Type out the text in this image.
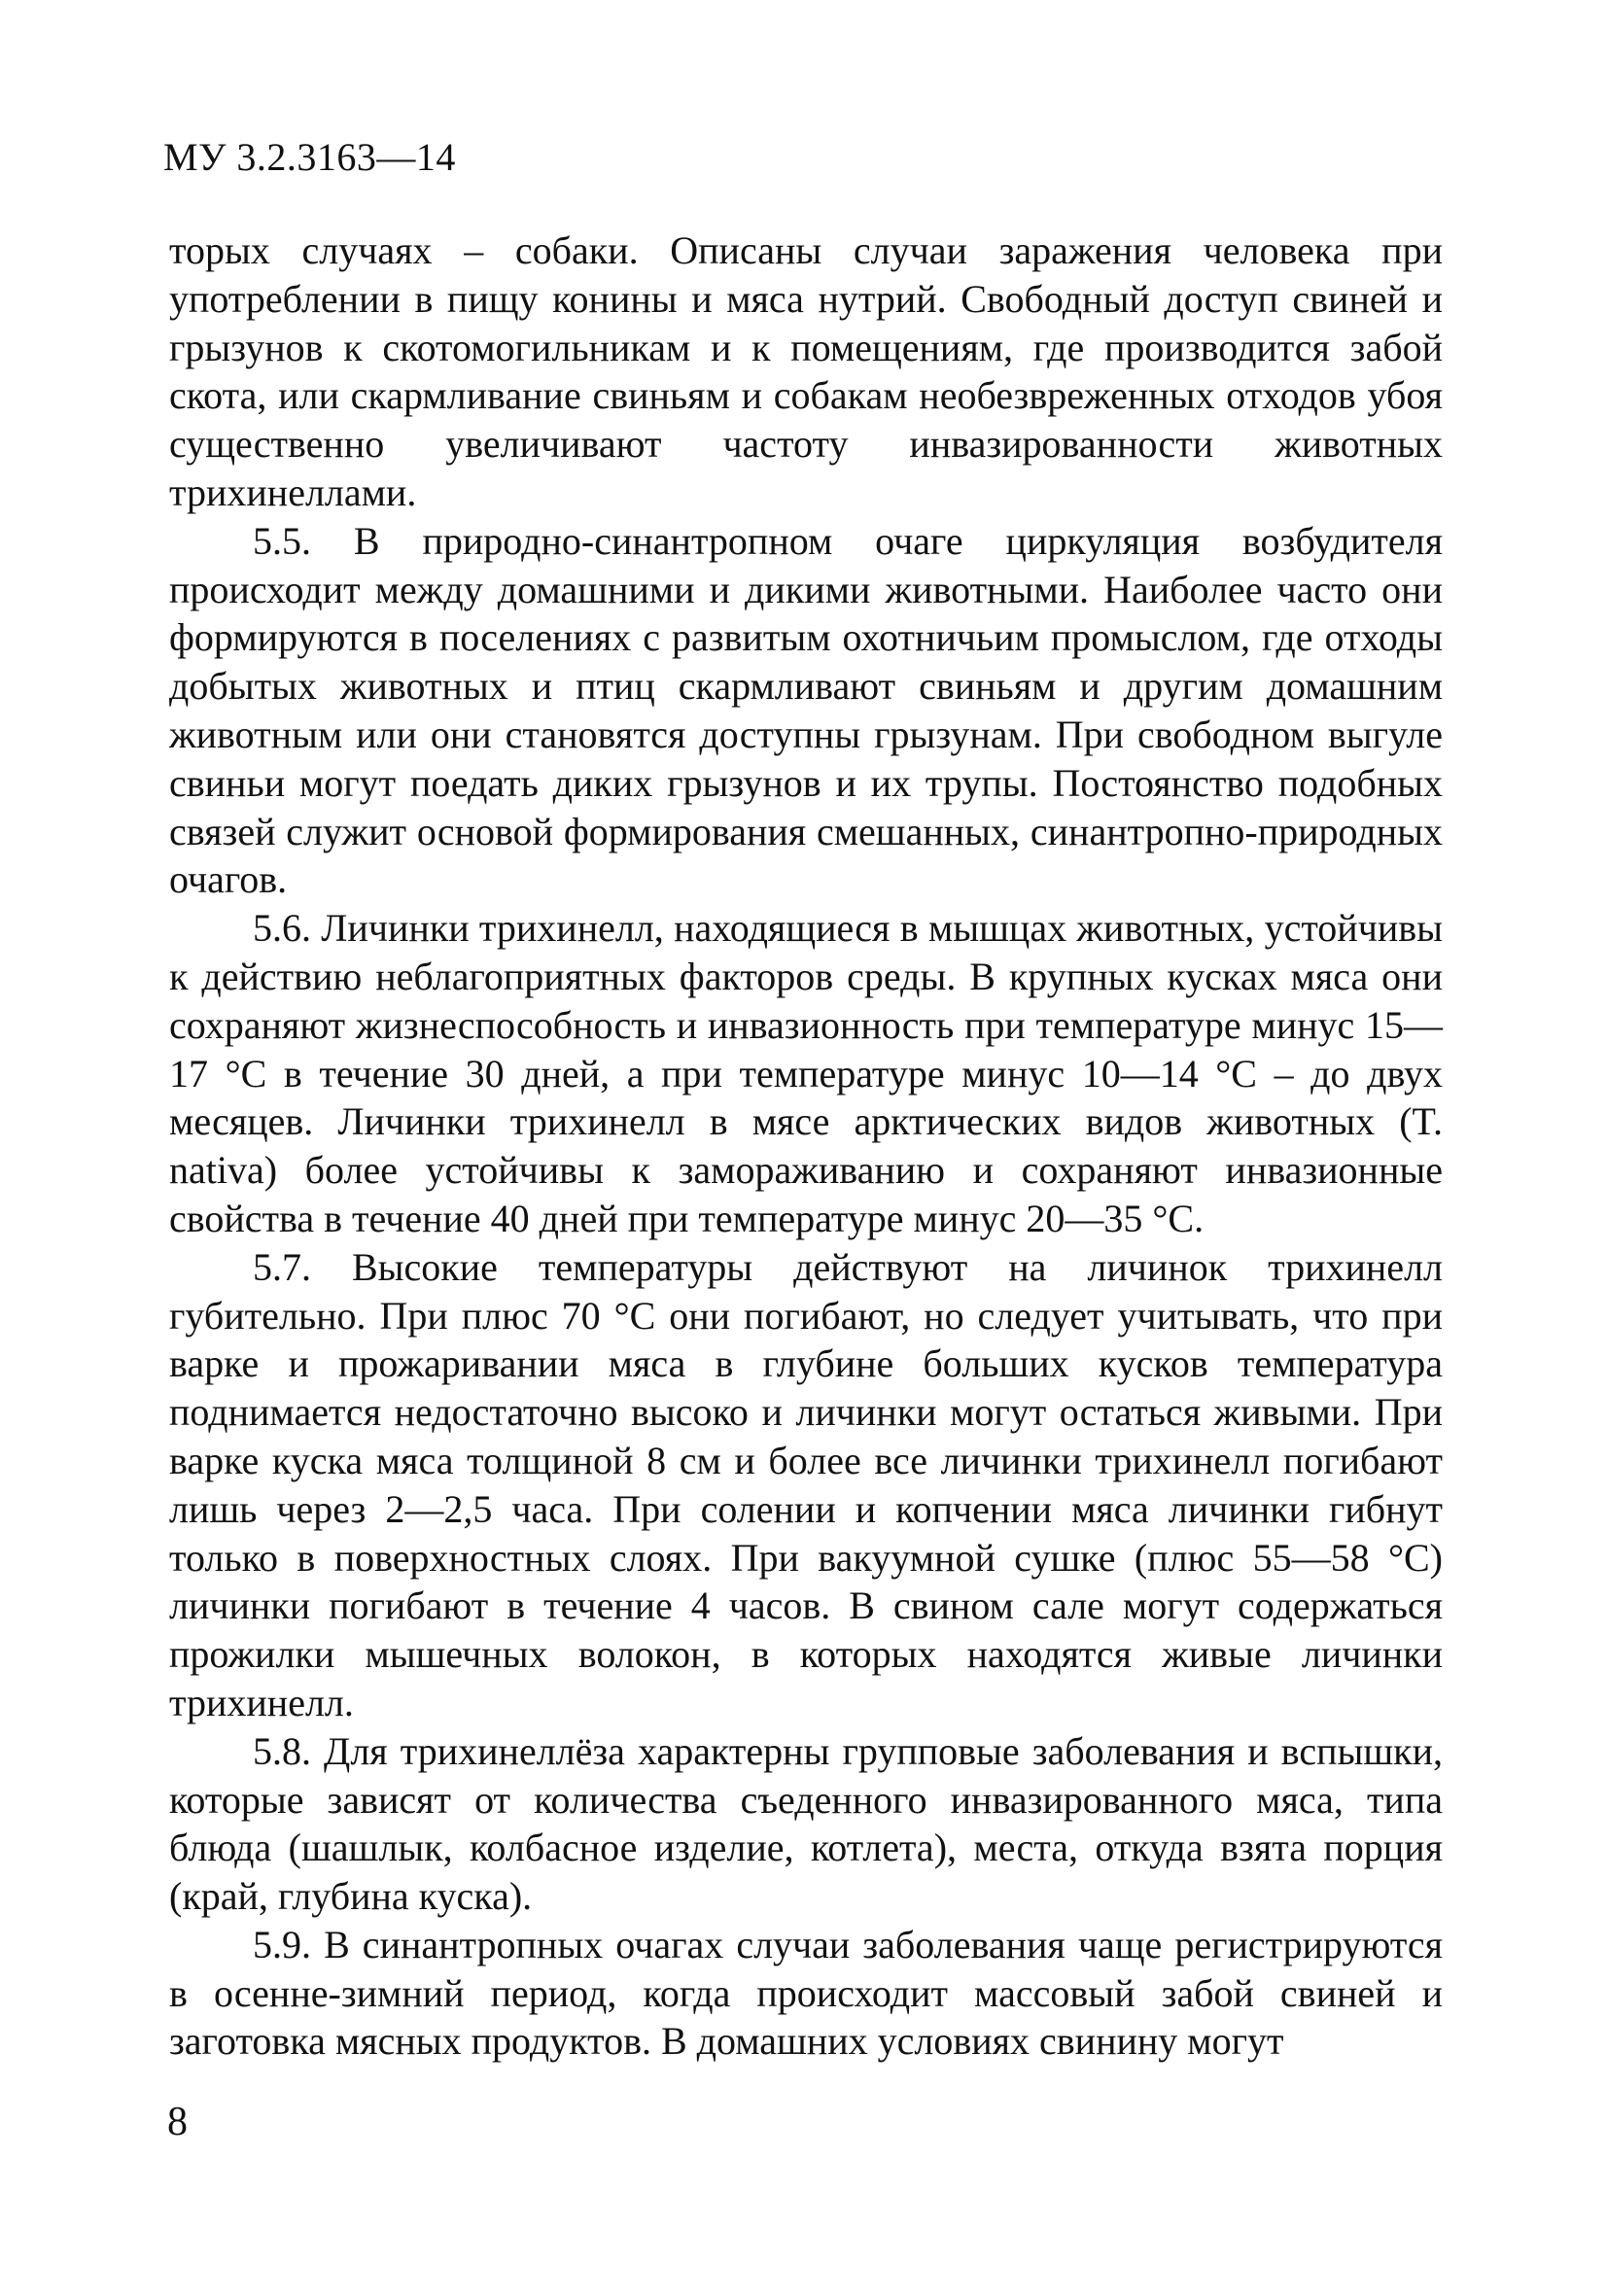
МУ 3.2.3163—14

торых случаях – собаки. Описаны случаи заражения человека при употреблении в пищу конины и мяса нутрий. Свободный доступ свиней и грызунов к скотомогильникам и к помещениям, где производится забой скота, или скармливание свиньям и собакам необезвреженных отходов убоя существенно увеличивают частоту инвазированности животных трихинеллами.

5.5. В природно-синантропном очаге циркуляция возбудителя происходит между домашними и дикими животными. Наиболее часто они формируются в поселениях с развитым охотничьим промыслом, где отходы добытых животных и птиц скармливают свиньям и другим домашним животным или они становятся доступны грызунам. При свободном выгуле свиньи могут поедать диких грызунов и их трупы. Постоянство подобных связей служит основой формирования смешанных, синантропно-природных очагов.

5.6. Личинки трихинелл, находящиеся в мышцах животных, устойчивы к действию неблагоприятных факторов среды. В крупных кусках мяса они сохраняют жизнеспособность и инвазионность при температуре минус 15—17 °С в течение 30 дней, а при температуре минус 10—14 °С – до двух месяцев. Личинки трихинелл в мясе арктических видов животных (T. nativa) более устойчивы к замораживанию и сохраняют инвазионные свойства в течение 40 дней при температуре минус 20—35 °С.

5.7. Высокие температуры действуют на личинок трихинелл губительно. При плюс 70 °С они погибают, но следует учитывать, что при варке и прожаривании мяса в глубине больших кусков температура поднимается недостаточно высоко и личинки могут остаться живыми. При варке куска мяса толщиной 8 см и более все личинки трихинелл погибают лишь через 2—2,5 часа. При солении и копчении мяса личинки гибнут только в поверхностных слоях. При вакуумной сушке (плюс 55—58 °С) личинки погибают в течение 4 часов. В свином сале могут содержаться прожилки мышечных волокон, в которых находятся живые личинки трихинелл.

5.8. Для трихинеллёза характерны групповые заболевания и вспышки, которые зависят от количества съеденного инвазированного мяса, типа блюда (шашлык, колбасное изделие, котлета), места, откуда взята порция (край, глубина куска).

5.9. В синантропных очагах случаи заболевания чаще регистрируются в осенне-зимний период, когда происходит массовый забой свиней и заготовка мясных продуктов. В домашних условиях свинину могут

8
